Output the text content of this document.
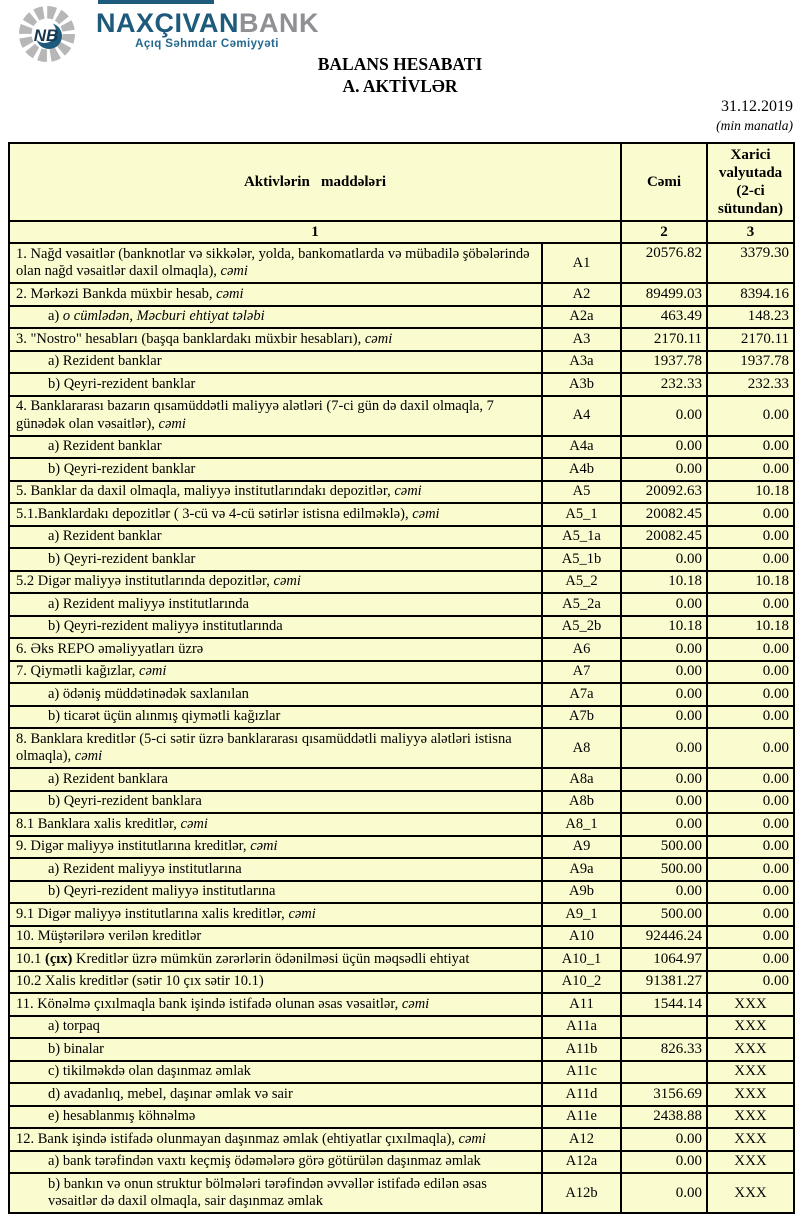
NB NAXÇIVANBANK
Açıq Səhmdar Cəmiyyəti
BALANS HESABATI
A. AKTİVLƏR
31.12.2019
(min manatla)
Aktivlərin   maddələri		Cəmi	Xarici valyutada (2-ci sütundan)
1		2	3
1. Nağd vəsaitlər (banknotlar və sikkələr, yolda, bankomatlarda və mübadilə şöbələrində olan nağd vəsaitlər daxil olmaqla), cəmi	A1	20576.82	3379.30
2. Mərkəzi Bankda müxbir hesab, cəmi	A2	89499.03	8394.16
a) o cümlədən, Məcburi ehtiyat tələbi	A2a	463.49	148.23
3. "Nostro" hesabları (başqa banklardakı müxbir hesabları), cəmi	A3	2170.11	2170.11
a) Rezident banklar	A3a	1937.78	1937.78
b) Qeyri-rezident banklar	A3b	232.33	232.33
4. Banklararası bazarın qısamüddətli maliyyə alətləri (7-ci gün də daxil olmaqla, 7 günədək olan vəsaitlər), cəmi	A4	0.00	0.00
a) Rezident banklar	A4a	0.00	0.00
b) Qeyri-rezident banklar	A4b	0.00	0.00
5. Banklar da daxil olmaqla, maliyyə institutlarındakı depozitlər, cəmi	A5	20092.63	10.18
5.1.Banklardakı depozitlər ( 3-cü və 4-cü sətirlər istisna edilməklə), cəmi	A5_1	20082.45	0.00
a) Rezident banklar	A5_1a	20082.45	0.00
b) Qeyri-rezident banklar	A5_1b	0.00	0.00
5.2 Digər maliyyə institutlarında depozitlər, cəmi	A5_2	10.18	10.18
a) Rezident maliyyə institutlarında	A5_2a	0.00	0.00
b) Qeyri-rezident maliyyə institutlarında	A5_2b	10.18	10.18
6. Əks REPO əməliyyatları üzrə	A6	0.00	0.00
7. Qiymətli kağızlar, cəmi	A7	0.00	0.00
a) ödəniş müddətinədək saxlanılan	A7a	0.00	0.00
b) ticarət üçün alınmış qiymətli kağızlar	A7b	0.00	0.00
8. Banklara kreditlər (5-ci sətir üzrə banklararası qısamüddətli maliyyə alətləri istisna olmaqla), cəmi	A8	0.00	0.00
a) Rezident banklara	A8a	0.00	0.00
b) Qeyri-rezident banklara	A8b	0.00	0.00
8.1 Banklara xalis kreditlər, cəmi	A8_1	0.00	0.00
9. Digər maliyyə institutlarına kreditlər, cəmi	A9	500.00	0.00
a) Rezident maliyyə institutlarına	A9a	500.00	0.00
b) Qeyri-rezident maliyyə institutlarına	A9b	0.00	0.00
9.1 Digər maliyyə institutlarına xalis kreditlər, cəmi	A9_1	500.00	0.00
10. Müştərilərə verilən kreditlər	A10	92446.24	0.00
10.1 (çıx) Kreditlər üzrə mümkün zərərlərin ödənilməsi üçün məqsədli ehtiyat	A10_1	1064.97	0.00
10.2 Xalis kreditlər (sətir 10 çıx sətir 10.1)	A10_2	91381.27	0.00
11. Könəlmə çıxılmaqla bank işində istifadə olunan əsas vəsaitlər, cəmi	A11	1544.14	XXX
a) torpaq	A11a		XXX
b) binalar	A11b	826.33	XXX
c) tikilməkdə olan daşınmaz əmlak	A11c		XXX
d) avadanlıq, mebel, daşınar əmlak və sair	A11d	3156.69	XXX
e) hesablanmış köhnəlmə	A11e	2438.88	XXX
12. Bank işində istifadə olunmayan daşınmaz əmlak (ehtiyatlar çıxılmaqla), cəmi	A12	0.00	XXX
a) bank tərəfindən vaxtı keçmiş ödəmələrə görə götürülən daşınmaz əmlak	A12a	0.00	XXX
b) bankın və onun struktur bölmələri tərəfindən əvvəllər istifadə edilən əsas vəsaitlər də daxil olmaqla, sair daşınmaz əmlak	A12b	0.00	XXX
